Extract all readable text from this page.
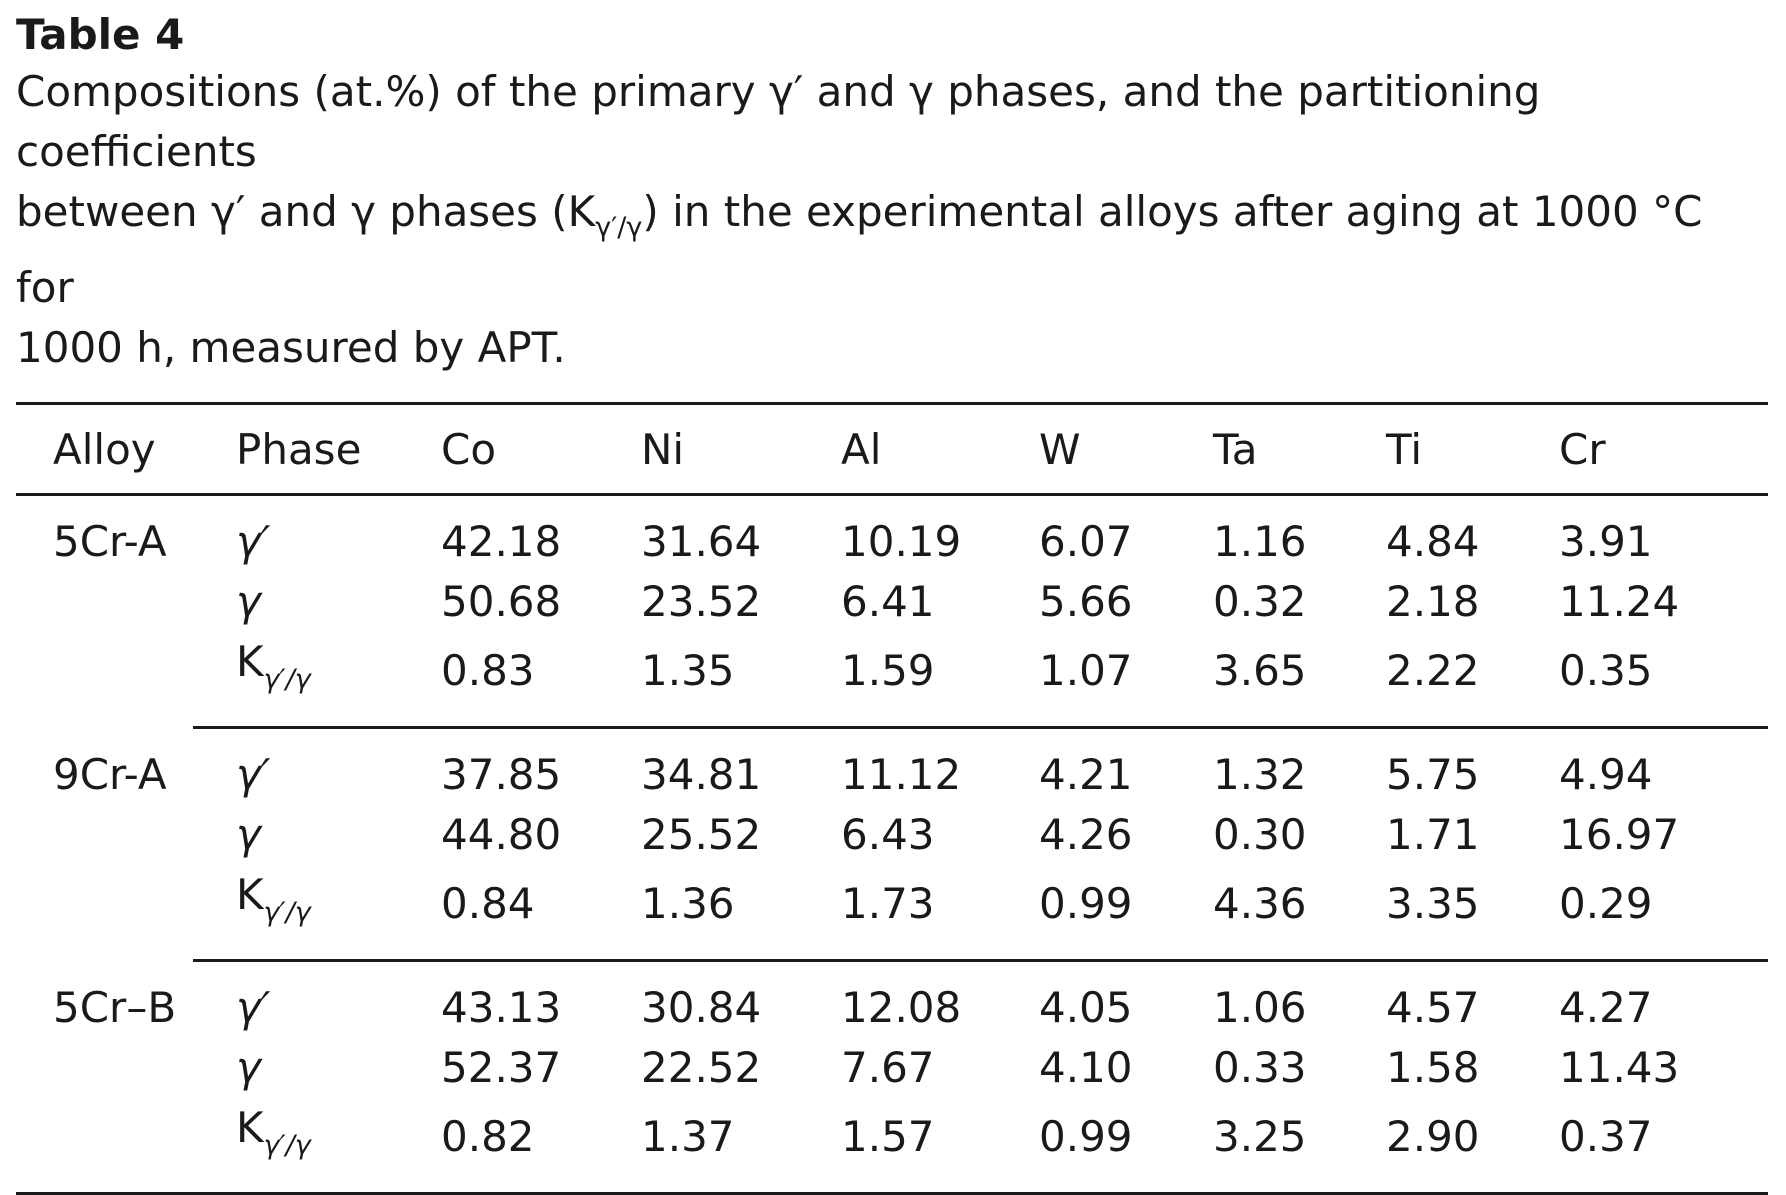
Table 4
Compositions (at.%) of the primary γ′ and γ phases, and the partitioning coefficients
between γ′ and γ phases $(K_{\gamma'/\gamma})$ in the experimental alloys after aging at 1000 °C for
1000 h, measured by APT.
Alloy	Phase	Co	Ni	Al	W	Ta	Ti	Cr

5Cr-A	γ′	42.18	31.64	10.19	6.07	1.16	4.84	3.91
	γ	50.68	23.52	6.41	5.66	0.32	2.18	11.24
	$K_{\gamma'/\gamma}$	0.83	1.35	1.59	1.07	3.65	2.22	0.35

9Cr-A	γ′	37.85	34.81	11.12	4.21	1.32	5.75	4.94
	γ	44.80	25.52	6.43	4.26	0.30	1.71	16.97
	$K_{\gamma'/\gamma}$	0.84	1.36	1.73	0.99	4.36	3.35	0.29

5Cr–B	γ′	43.13	30.84	12.08	4.05	1.06	4.57	4.27
	γ	52.37	22.52	7.67	4.10	0.33	1.58	11.43
	$K_{\gamma'/\gamma}$	0.82	1.37	1.57	0.99	3.25	2.90	0.37
